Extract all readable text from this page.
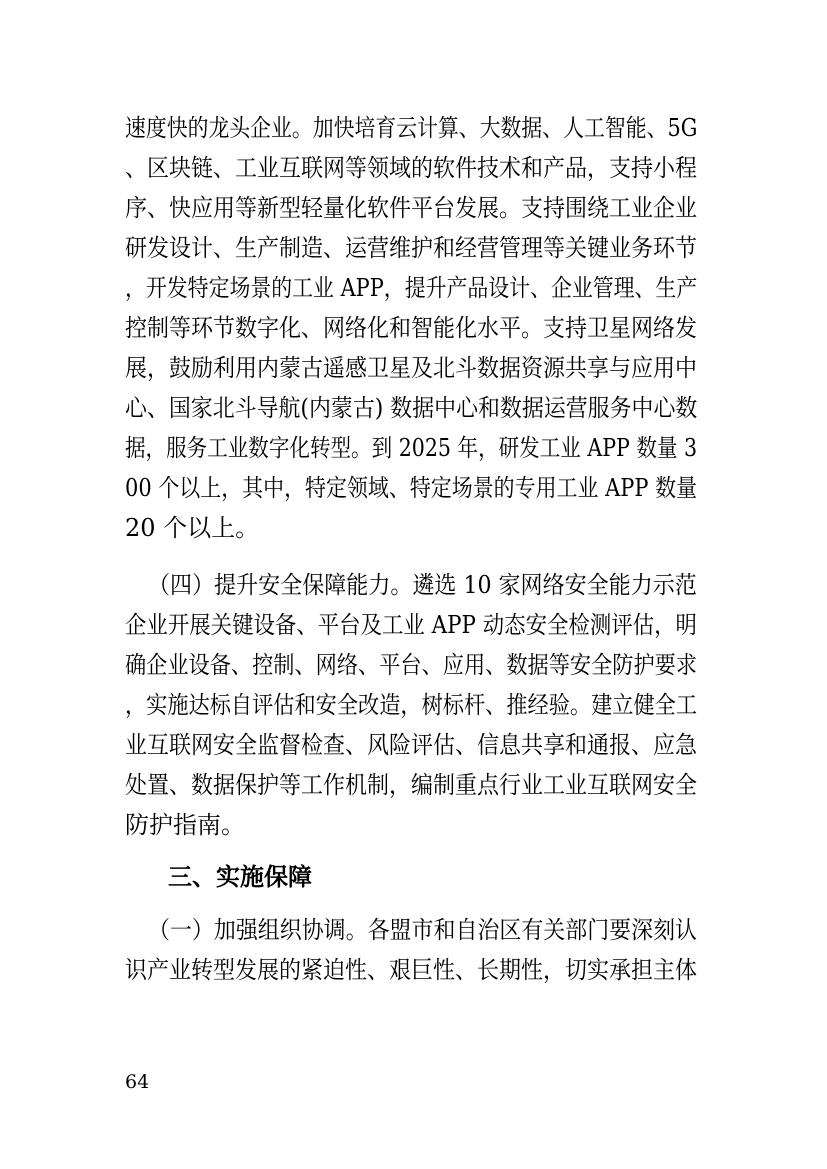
速度快的龙头企业。加快培育云计算、大数据、人工智能、5G
、区块链、工业互联网等领域的软件技术和产品，支持小程
序、快应用等新型轻量化软件平台发展。支持围绕工业企业
研发设计、生产制造、运营维护和经营管理等关键业务环节
，开发特定场景的工业 APP，提升产品设计、企业管理、生产
控制等环节数字化、网络化和智能化水平。支持卫星网络发
展，鼓励利用内蒙古遥感卫星及北斗数据资源共享与应用中
心、国家北斗导航(内蒙古) 数据中心和数据运营服务中心数
据，服务工业数字化转型。到 2025 年，研发工业 APP 数量 3
00 个以上，其中，特定领域、特定场景的专用工业 APP 数量
20 个以上。
（四）提升安全保障能力。遴选 10 家网络安全能力示范
企业开展关键设备、平台及工业 APP 动态安全检测评估，明
确企业设备、控制、网络、平台、应用、数据等安全防护要求
，实施达标自评估和安全改造，树标杆、推经验。建立健全工
业互联网安全监督检查、风险评估、信息共享和通报、应急
处置、数据保护等工作机制，编制重点行业工业互联网安全
防护指南。
三、实施保障
（一）加强组织协调。各盟市和自治区有关部门要深刻认
识产业转型发展的紧迫性、艰巨性、长期性，切实承担主体
64
